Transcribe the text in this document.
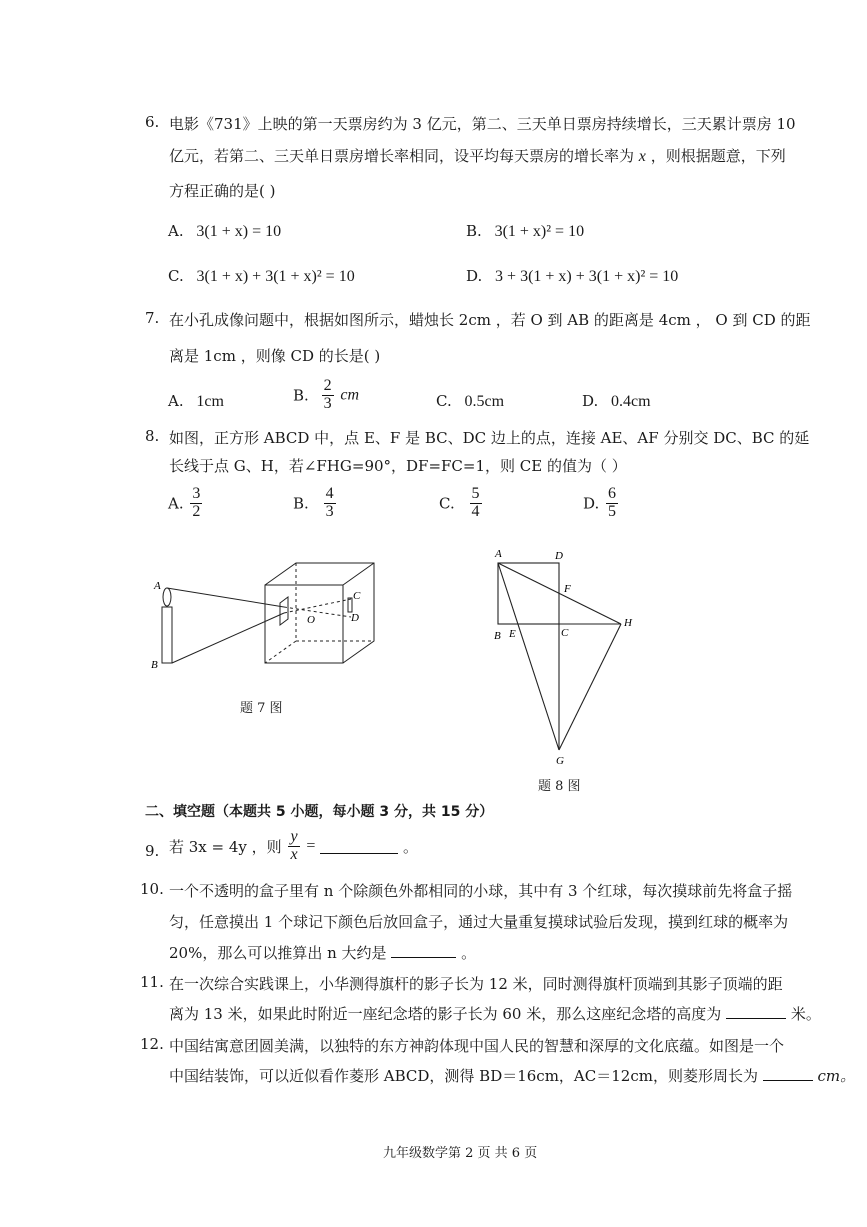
6. 电影《731》上映的第一天票房约为 3 亿元，第二、三天单日票房持续增长，三天累计票房 10
亿元，若第二、三天单日票房增长率相同，设平均每天票房的增长率为 x ，则根据题意，下列
方程正确的是( )
A. 3(1 + x) = 10	B. 3(1 + x)² = 10
C. 3(1 + x) + 3(1 + x)² = 10	D. 3 + 3(1 + x) + 3(1 + x)² = 10
7. 在小孔成像问题中，根据如图所示，蜡烛长 2cm ，若 O 到 AB 的距离是 4cm ， O 到 CD 的距
离是 1cm ，则像 CD 的长是( )
A. 1cm	B. $\frac{2}{3}$ cm	C. 0.5cm	D. 0.4cm
8. 如图，正方形 ABCD 中，点 E、F 是 BC、DC 边上的点，连接 AE、AF 分别交 DC、BC 的延
长线于点 G、H，若∠FHG=90°，DF=FC=1，则 CE 的值为（ ）
A. $\frac{3}{2}$	B. $\frac{4}{3}$	C. $\frac{5}{4}$	D. $\frac{6}{5}$
A
B
C
D
O
题 7 图
A	D
F
B E	C
H
G
题 8 图
二、填空题（本题共 5 小题，每小题 3 分，共 15 分）
9. 若 3x = 4y ，则 $\frac{y}{x}$ =	。
10. 一个不透明的盒子里有 n 个除颜色外都相同的小球，其中有 3 个红球，每次摸球前先将盒子摇
匀，任意摸出 1 个球记下颜色后放回盒子，通过大量重复摸球试验后发现，摸到红球的概率为
20%，那么可以推算出 n 大约是	。
11. 在一次综合实践课上，小华测得旗杆的影子长为 12 米，同时测得旗杆顶端到其影子顶端的距
离为 13 米，如果此时附近一座纪念塔的影子长为 60 米，那么这座纪念塔的高度为	米。
12. 中国结寓意团圆美满，以独特的东方神韵体现中国人民的智慧和深厚的文化底蕴。如图是一个
中国结装饰，可以近似看作菱形 ABCD，测得 BD＝16cm，AC＝12cm，则菱形周长为	cm。
九年级数学第 2 页 共 6 页
